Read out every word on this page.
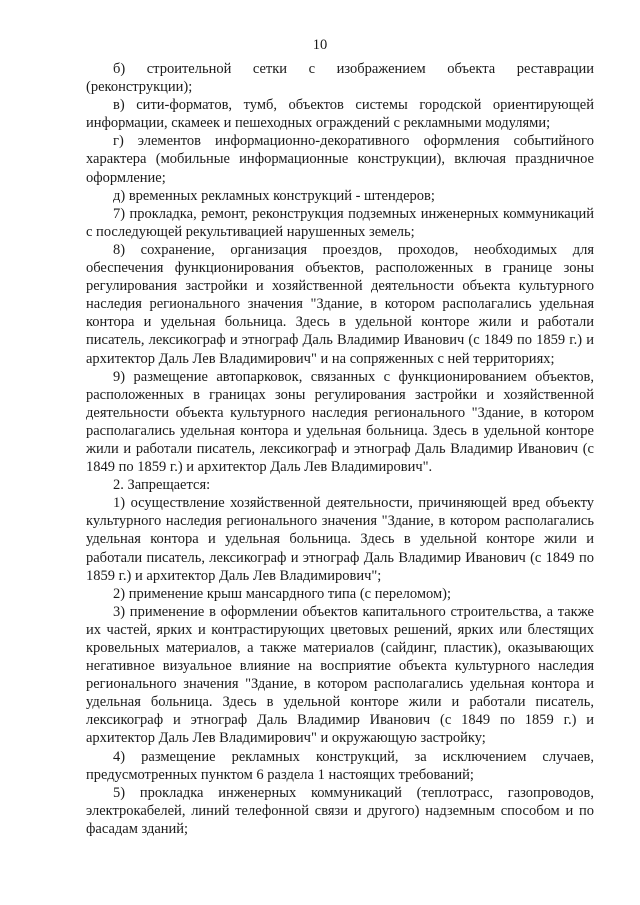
10

б) строительной сетки с изображением объекта реставрации (реконструкции);

в) сити-форматов, тумб, объектов системы городской ориентирующей информации, скамеек и пешеходных ограждений с рекламными модулями;

г) элементов информационно-декоративного оформления событийного характера (мобильные информационные конструкции), включая праздничное оформление;

д) временных рекламных конструкций - штендеров;

7) прокладка, ремонт, реконструкция подземных инженерных коммуникаций с последующей рекультивацией нарушенных земель;

8) сохранение, организация проездов, проходов, необходимых для обеспечения функционирования объектов, расположенных в границе зоны регулирования застройки и хозяйственной деятельности объекта культурного наследия регионального значения "Здание, в котором располагались удельная контора и удельная больница. Здесь в удельной конторе жили и работали писатель, лексикограф и этнограф Даль Владимир Иванович (с 1849 по 1859 г.) и архитектор Даль Лев Владимирович" и на сопряженных с ней территориях;

9) размещение автопарковок, связанных с функционированием объектов, расположенных в границах зоны регулирования застройки и хозяйственной деятельности объекта культурного наследия регионального "Здание, в котором располагались удельная контора и удельная больница. Здесь в удельной конторе жили и работали писатель, лексикограф и этнограф Даль Владимир Иванович (с 1849 по 1859 г.) и архитектор Даль Лев Владимирович".

2. Запрещается:

1) осуществление хозяйственной деятельности, причиняющей вред объекту культурного наследия регионального значения "Здание, в котором располагались удельная контора и удельная больница. Здесь в удельной конторе жили и работали писатель, лексикограф и этнограф Даль Владимир Иванович (с 1849 по 1859 г.) и архитектор Даль Лев Владимирович";

2) применение крыш мансардного типа (с переломом);

3) применение в оформлении объектов капитального строительства, а также их частей, ярких и контрастирующих цветовых решений, ярких или блестящих кровельных материалов, а также материалов (сайдинг, пластик), оказывающих негативное визуальное влияние на восприятие объекта культурного наследия регионального значения "Здание, в котором располагались удельная контора и удельная больница. Здесь в удельной конторе жили и работали писатель, лексикограф и этнограф Даль Владимир Иванович (с 1849 по 1859 г.) и архитектор Даль Лев Владимирович" и окружающую застройку;

4) размещение рекламных конструкций, за исключением случаев, предусмотренных пунктом 6 раздела 1 настоящих требований;

5) прокладка инженерных коммуникаций (теплотрасс, газопроводов, электрокабелей, линий телефонной связи и другого) надземным способом и по фасадам зданий;
